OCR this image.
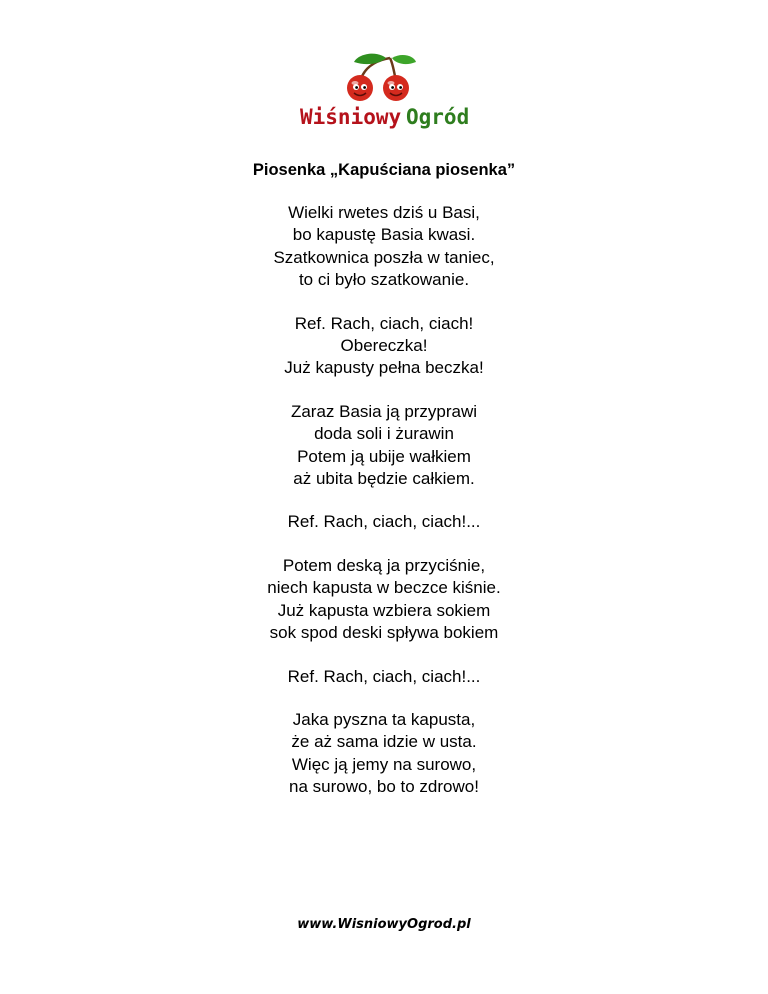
Wiśniowy Ogród
Piosenka „Kapuściana piosenka”
Wielki rwetes dziś u Basi,
bo kapustę Basia kwasi.
Szatkownica poszła w taniec,
to ci było szatkowanie.
Ref. Rach, ciach, ciach!
Obereczka!
Już kapusty pełna beczka!
Zaraz Basia ją przyprawi
doda soli i żurawin
Potem ją ubije wałkiem
aż ubita będzie całkiem.
Ref. Rach, ciach, ciach!...
Potem deską ja przyciśnie,
niech kapusta w beczce kiśnie.
Już kapusta wzbiera sokiem
sok spod deski spływa bokiem
Ref. Rach, ciach, ciach!...
Jaka pyszna ta kapusta,
że aż sama idzie w usta.
Więc ją jemy na surowo,
na surowo, bo to zdrowo!
www.WisniowyOgrod.pl
